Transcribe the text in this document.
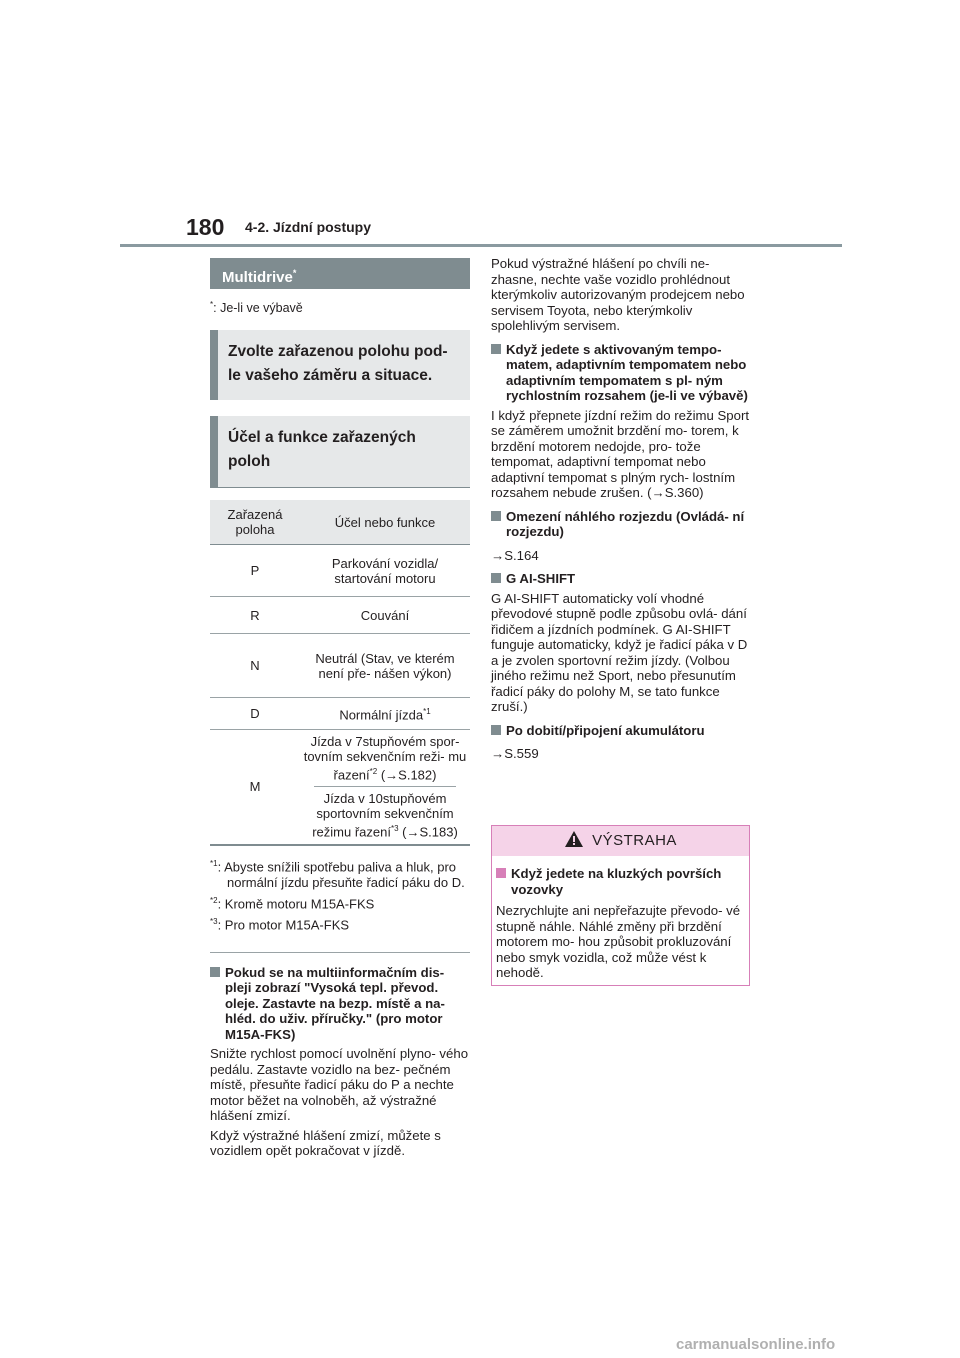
180 4-2. Jízdní postupy
Multidrive*
*: Je-li ve výbavě
Zvolte zařazenou polohu pod- le vašeho záměru a situace.
Účel a funkce zařazených poloh
Zařazená poloha	Účel nebo funkce
P	Parkování vozidla/ startování motoru
R	Couvání
N	Neutrál (Stav, ve kterém není pře- nášen výkon)
D	Normální jízda$^{*1}$
M	Jízda v 7stupňovém spor- tovním sekvenčním reži- mu řazení$^{*2}$ (→S.182)
Jízda v 10stupňovém sportovním sekvenčním režimu řazení$^{*3}$ (→S.183)
$^{*1}$: Abyste snížili spotřebu paliva a hluk, pro normální jízdu přesuňte řadicí páku do D.
$^{*2}$: Kromě motoru M15A-FKS
$^{*3}$: Pro motor M15A-FKS
Pokud se na multiinformačním dis- pleji zobrazí "Vysoká tepl. převod. oleje. Zastavte na bezp. místě a na- hléd. do uživ. příručky." (pro motor M15A-FKS)
Snižte rychlost pomocí uvolnění plyno- vého pedálu. Zastavte vozidlo na bez- pečném místě, přesuňte řadicí páku do P a nechte motor běžet na volnoběh, až výstražné hlášení zmizí.
Když výstražné hlášení zmizí, můžete s vozidlem opět pokračovat v jízdě.
Pokud výstražné hlášení po chvíli ne- zhasne, nechte vaše vozidlo prohlédnout kterýmkoliv autorizovaným prodejcem nebo servisem Toyota, nebo kterýmkoliv spolehlivým servisem.
Když jedete s aktivovaným tempo- matem, adaptivním tempomatem nebo adaptivním tempomatem s pl- ným rychlostním rozsahem (je-li ve výbavě)
I když přepnete jízdní režim do režimu Sport se záměrem umožnit brzdění mo- torem, k brzdění motorem nedojde, pro- tože tempomat, adaptivní tempomat nebo adaptivní tempomat s plným rych- lostním rozsahem nebude zrušen. (→S.360)
Omezení náhlého rozjezdu (Ovládá- ní rozjezdu)
→S.164
G AI-SHIFT
G AI-SHIFT automaticky volí vhodné převodové stupně podle způsobu ovlá- dání řidičem a jízdních podmínek. G AI-SHIFT funguje automaticky, když je řadicí páka v D a je zvolen sportovní režim jízdy. (Volbou jiného režimu než Sport, nebo přesunutím řadicí páky do polohy M, se tato funkce zruší.)
Po dobití/připojení akumulátoru
→S.559
VÝSTRAHA
Když jedete na kluzkých površích vozovky
Nezrychlujte ani nepřeřazujte převodo- vé stupně náhle. Náhlé změny při brzdění motorem mo- hou způsobit prokluzování nebo smyk vozidla, což může vést k nehodě.
carmanualsonline.info
